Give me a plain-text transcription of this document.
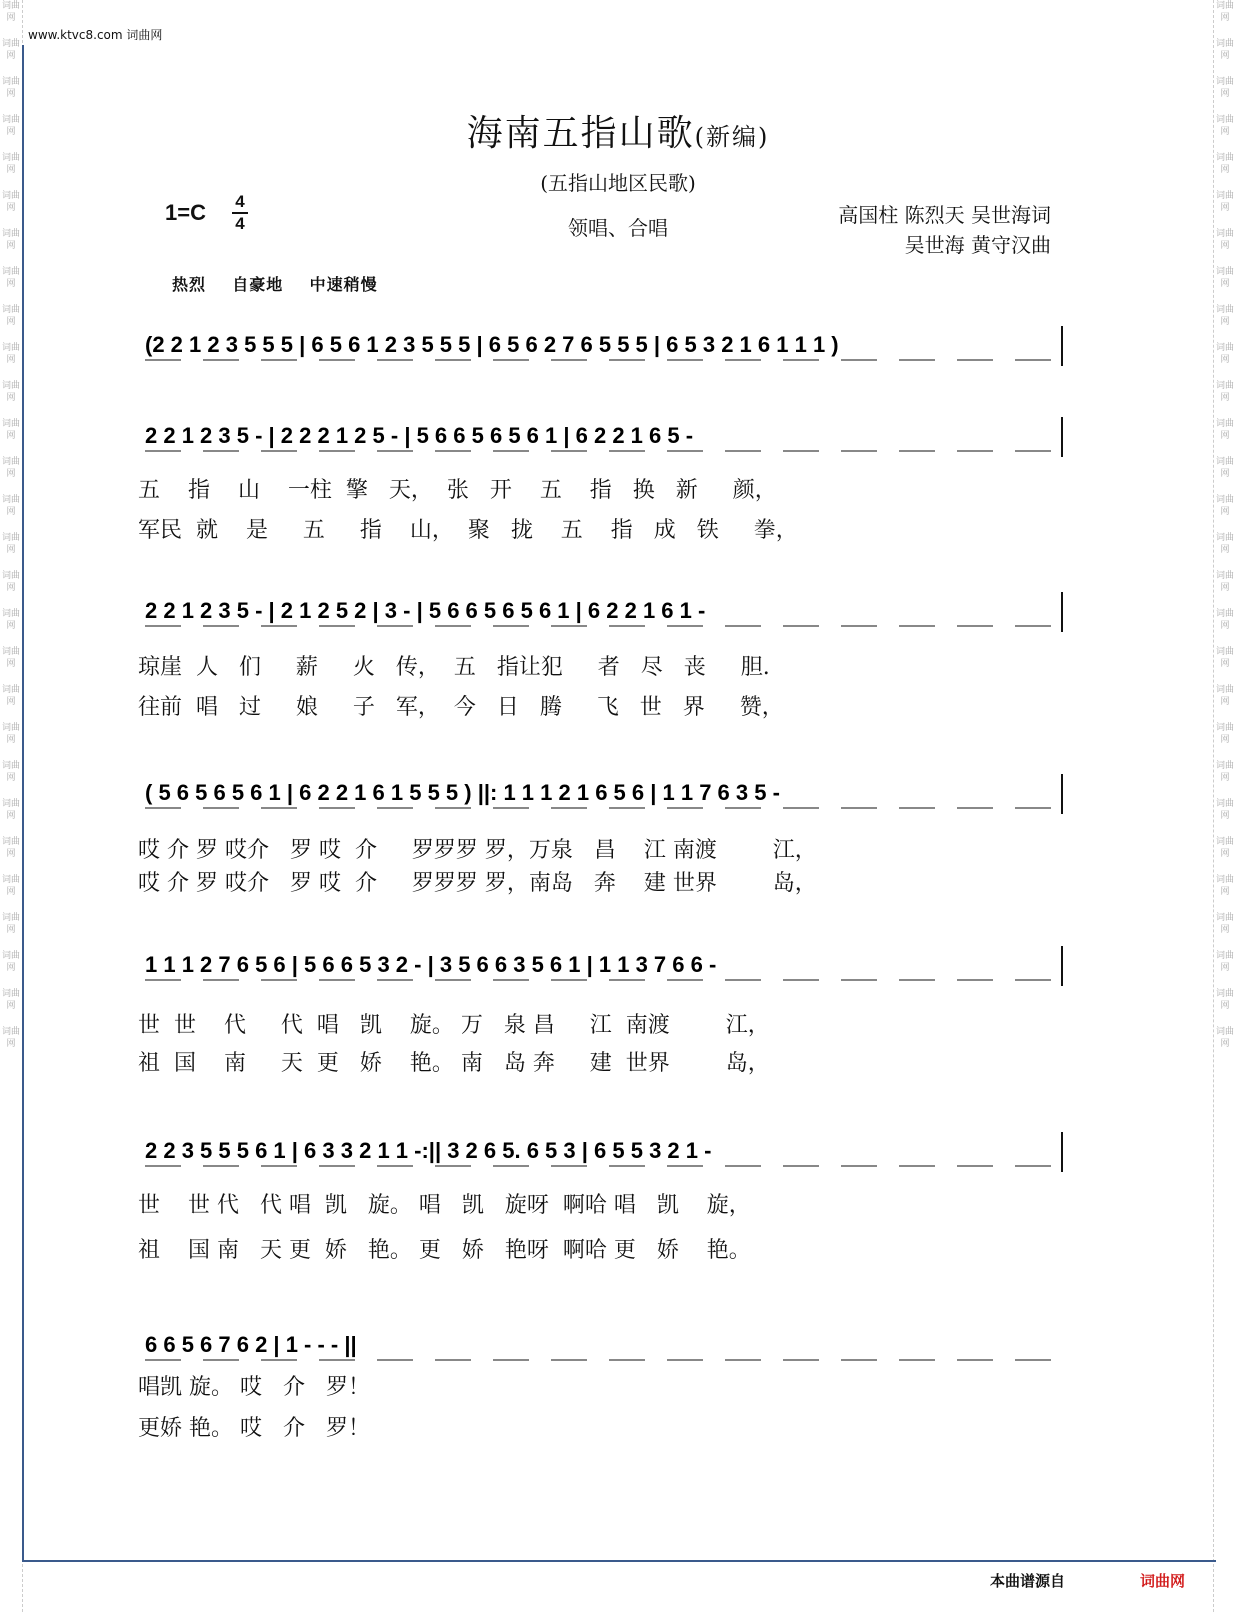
词曲网
词曲网
词曲网
词曲网
词曲网
词曲网
词曲网
词曲网
词曲网
词曲网
词曲网
词曲网
词曲网
词曲网
词曲网
词曲网
词曲网
词曲网
词曲网
词曲网
词曲网
词曲网
词曲网
词曲网
词曲网
词曲网
词曲网
词曲网
词曲网
词曲网
词曲网
词曲网
词曲网
词曲网
词曲网
词曲网
词曲网
词曲网
词曲网
词曲网
词曲网
词曲网
词曲网
词曲网
词曲网
词曲网
词曲网
词曲网
词曲网
词曲网
词曲网
词曲网
词曲网
词曲网
词曲网
词曲网
www.ktvc8.com 词曲网
海南五指山歌(新编)
(五指山地区民歌)
1=C 4
4	领唱、合唱
高国柱 陈烈天 吴世海词
吴世海 黄守汉曲
热烈    自豪地    中速稍慢
(2 2 1 2 3 5 5 5 | 6 5 6 1 2 3 5 5 5 | 6 5 6 2 7 6 5 5 5 | 6 5 3 2 1 6 1 1 1 )
2 2 1 2 3 5 - | 2 2 2 1 2 5 - | 5 6 6 5 6 5 6 1 | 6 2 2 1 6 5 -
2 2 1 2 3 5 - | 2 1 2 5 2 | 3 - | 5 6 6 5 6 5 6 1 | 6 2 2 1 6 1 -
( 5 6 5 6 5 6 1 | 6 2 2 1 6 1 5 5 5 ) ||: 1 1 1 2 1 6 5 6 | 1 1 7 6 3 5 -
1 1 1 2 7 6 5 6 | 5 6 6 5 3 2 - | 3 5 6 6 3 5 6 1 | 1 1 3 7 6 6 -
2 2 3 5 5 5 6 1 | 6 3 3 2 1 1 -:|| 3 2 6 5. 6 5 3 | 6 5 5 3 2 1 -
6 6 5 6 7 6 2 | 1 - - - ||
五    指    山    一柱  擎   天，  张   开    五    指   换   新     颜，
军民  就    是     五     指    山，  聚   拢    五    指   成   铁     拳，
琼崖  人   们     薪     火   传，  五   指让犯     者   尽   丧     胆.
往前  唱   过     娘     子   军，  今   日   腾     飞   世   界     赞，
哎 介 罗 哎介   罗 哎  介     罗罗罗 罗，万泉   昌    江 南渡        江，
哎 介 罗 哎介   罗 哎  介     罗罗罗 罗，南岛   奔    建 世界        岛，
世  世    代     代  唱   凯    旋。 万   泉 昌     江  南渡        江，
祖  国    南     天  更   娇    艳。 南   岛 奔     建  世界        岛，
世    世 代   代 唱  凯   旋。 唱   凯   旋呀  啊哈 唱   凯    旋，
祖    国 南   天 更  娇   艳。 更   娇   艳呀  啊哈 更   娇    艳。
唱凯 旋。 哎   介   罗！
更娇 艳。 哎   介   罗！
本曲谱源自	词曲网
